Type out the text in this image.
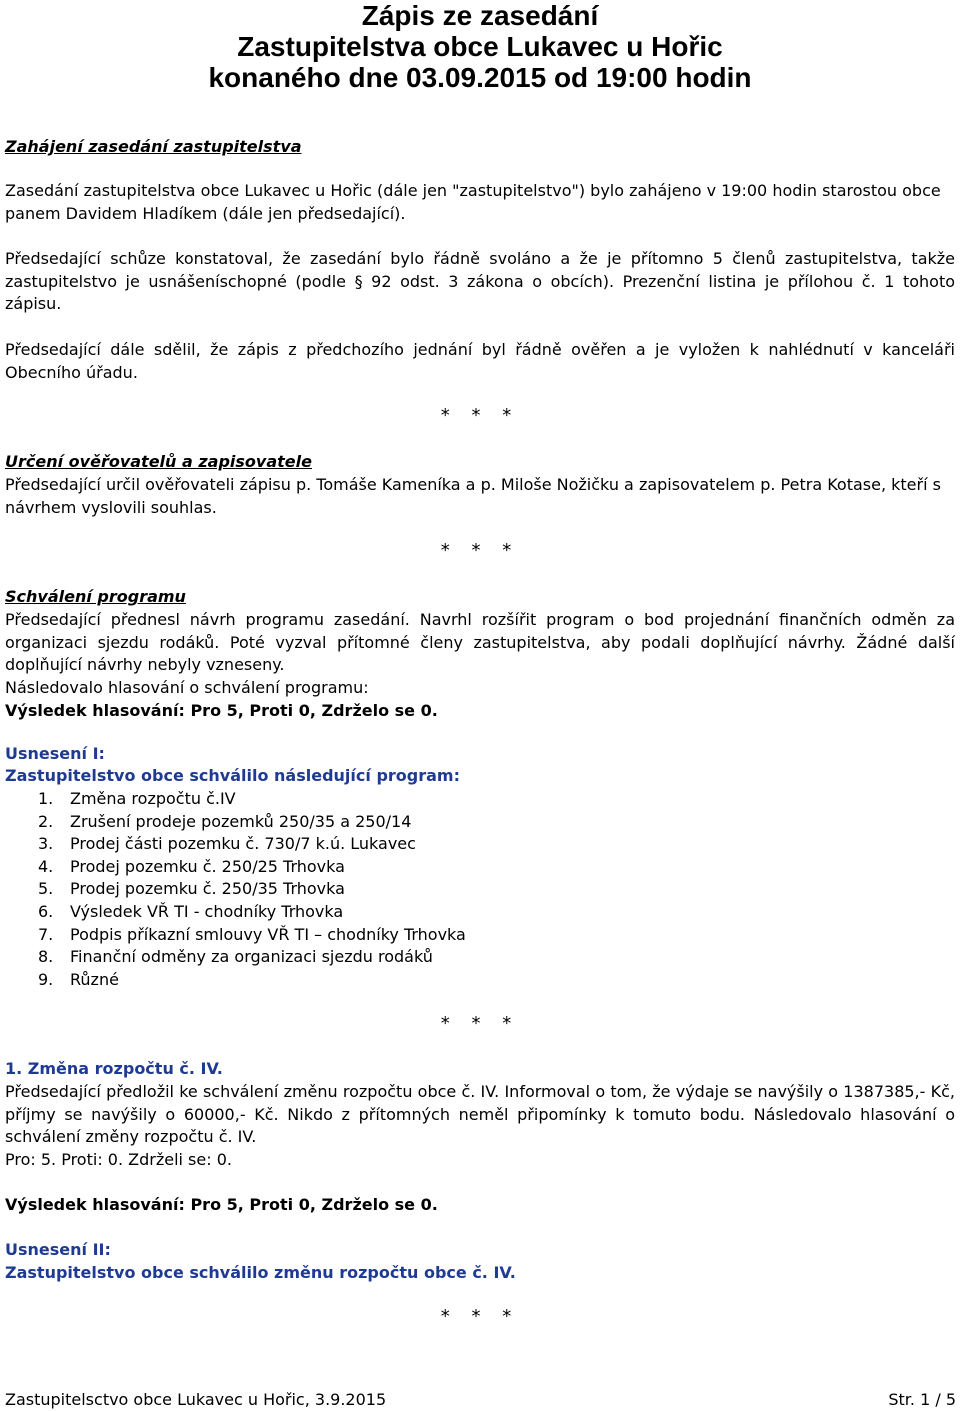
Zápis ze zasedání
Zastupitelstva obce Lukavec u Hořic
konaného dne 03.09.2015 od 19:00 hodin
Zahájení zasedání zastupitelstva
Zasedání zastupitelstva obce Lukavec u Hořic (dále jen "zastupitelstvo") bylo zahájeno v 19:00 hodin starostou obce panem Davidem Hladíkem (dále jen předsedající).
Předsedající schůze konstatoval, že zasedání bylo řádně svoláno a že je přítomno 5 členů zastupitelstva, takže zastupitelstvo je usnášeníschopné (podle § 92 odst. 3 zákona o obcích). Prezenční listina je přílohou č. 1 tohoto zápisu.
Předsedající dále sdělil, že zápis z předchozího jednání byl řádně ověřen a je vyložen k nahlédnutí v kanceláři Obecního úřadu.
* * *
Určení ověřovatelů a zapisovatele
Předsedající určil ověřovateli zápisu p. Tomáše Kameníka a p. Miloše Nožičku a zapisovatelem p. Petra Kotase, kteří s návrhem vyslovili souhlas.
* * *
Schválení programu
Předsedající přednesl návrh programu zasedání. Navrhl rozšířit program o bod projednání finančních odměn za organizaci sjezdu rodáků. Poté vyzval přítomné členy zastupitelstva, aby podali doplňující návrhy. Žádné další doplňující návrhy nebyly vzneseny.
Následovalo hlasování o schválení programu:
Výsledek hlasování: Pro 5, Proti 0, Zdrželo se 0.
Usnesení I:
Zastupitelstvo obce schválilo následující program:
1. Změna rozpočtu č.IV
2. Zrušení prodeje pozemků 250/35 a 250/14
3. Prodej části pozemku č. 730/7 k.ú. Lukavec
4. Prodej pozemku č. 250/25 Trhovka
5. Prodej pozemku č. 250/35 Trhovka
6. Výsledek VŘ TI - chodníky Trhovka
7. Podpis příkazní smlouvy VŘ TI – chodníky Trhovka
8. Finanční odměny za organizaci sjezdu rodáků
9. Různé
* * *
1. Změna rozpočtu č. IV.
Předsedající předložil ke schválení změnu rozpočtu obce č. IV. Informoval o tom, že výdaje se navýšily o 1387385,- Kč, příjmy se navýšily o 60000,- Kč. Nikdo z přítomných neměl připomínky k tomuto bodu. Následovalo hlasování o schválení změny rozpočtu č. IV.
Pro: 5. Proti: 0. Zdrželi se: 0.
Výsledek hlasování: Pro 5, Proti 0, Zdrželo se 0.
Usnesení II:
Zastupitelstvo obce schválilo změnu rozpočtu obce č. IV.
* * *
Zastupitelsctvo obce Lukavec u Hořic, 3.9.2015	Str. 1 / 5
